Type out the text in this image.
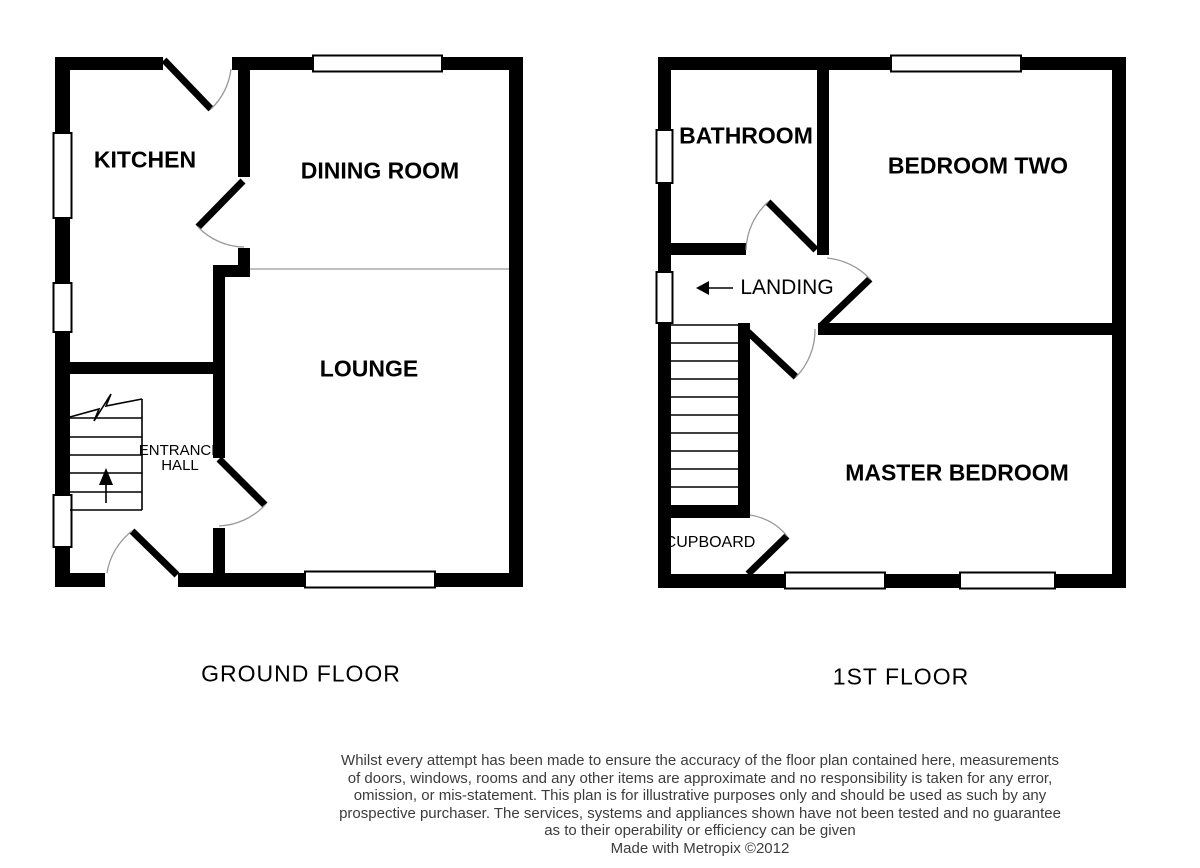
KITCHEN	DINING ROOM
LOUNGE
ENTRANCE
HALL
BATHROOM
BEDROOM TWO
LANDING
MASTER BEDROOM
CUPBOARD
GROUND FLOOR	1ST FLOOR
Whilst every attempt has been made to ensure the accuracy of the floor plan contained here, measurements
of doors, windows, rooms and any other items are approximate and no responsibility is taken for any error,
omission, or mis-statement. This plan is for illustrative purposes only and should be used as such by any
prospective purchaser. The services, systems and appliances shown have not been tested and no guarantee
as to their operability or efficiency can be given
Made with Metropix ©2012
